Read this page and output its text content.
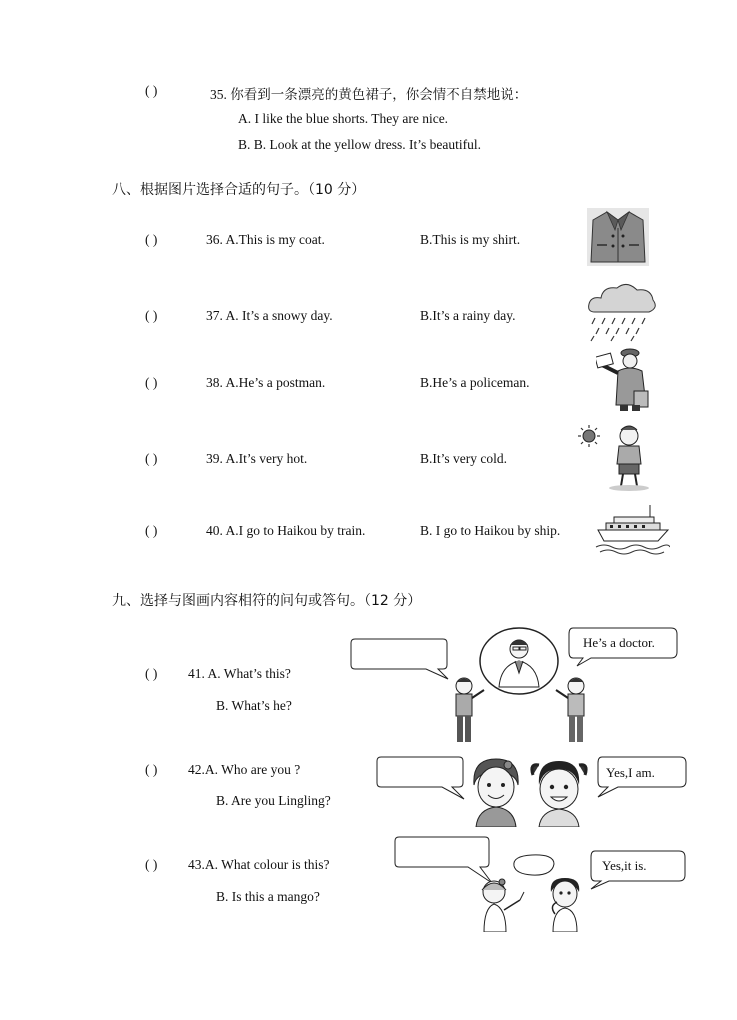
( )	35. 你看到一条漂亮的黄色裙子，你会情不自禁地说：
A. I like the blue shorts. They are nice.
B. B. Look at the yellow dress. It’s beautiful.
八、根据图片选择合适的句子。（10 分）
( )	36. A.This is my coat.	B.This is my shirt.
( )	37. A. It’s a snowy day.	B.It’s a rainy day.
( )	38. A.He’s a postman.	B.He’s a policeman.
( )	39. A.It’s very hot.	B.It’s very cold.
( )	40. A.I go to Haikou by train.	B. I go to Haikou by ship.
九、选择与图画内容相符的问句或答句。（12 分）
( ) 41. A. What’s this?
B. What’s he?
( ) 42.A. Who are you ?
B. Are you Lingling?
( ) 43.A. What colour is this?
B. Is this a mango?
He’s a doctor.
Yes,I am.
Yes,it is.
